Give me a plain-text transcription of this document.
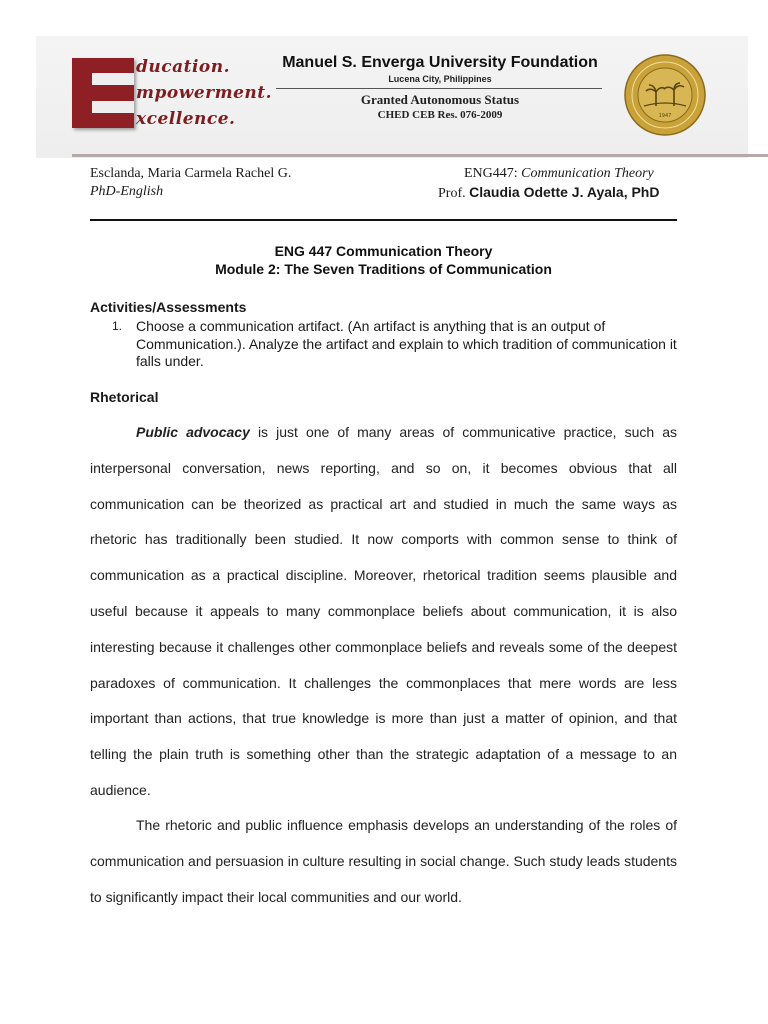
ducation.
mpowerment.
xcellence.
Manuel S. Enverga University Foundation
Lucena City, Philippines
Granted Autonomous Status
CHED CEB Res. 076-2009	1947
Esclanda, Maria Carmela Rachel G.
PhD-English
ENG447: Communication Theory
Prof. Claudia Odette J. Ayala, PhD
ENG 447 Communication Theory
Module 2: The Seven Traditions of Communication
Activities/Assessments
1. Choose a communication artifact. (An artifact is anything that is an output of Communication.). Analyze the artifact and explain to which tradition of communication it falls under.
Rhetorical
Public advocacy is just one of many areas of communicative practice, such as interpersonal conversation, news reporting, and so on, it becomes obvious that all communication can be theorized as practical art and studied in much the same ways as rhetoric has traditionally been studied. It now comports with common sense to think of communication as a practical discipline. Moreover, rhetorical tradition seems plausible and useful because it appeals to many commonplace beliefs about communication, it is also interesting because it challenges other commonplace beliefs and reveals some of the deepest paradoxes of communication. It challenges the commonplaces that mere words are less important than actions, that true knowledge is more than just a matter of opinion, and that telling the plain truth is something other than the strategic adaptation of a message to an audience.
The rhetoric and public influence emphasis develops an understanding of the roles of communication and persuasion in culture resulting in social change. Such study leads students to significantly impact their local communities and our world.
